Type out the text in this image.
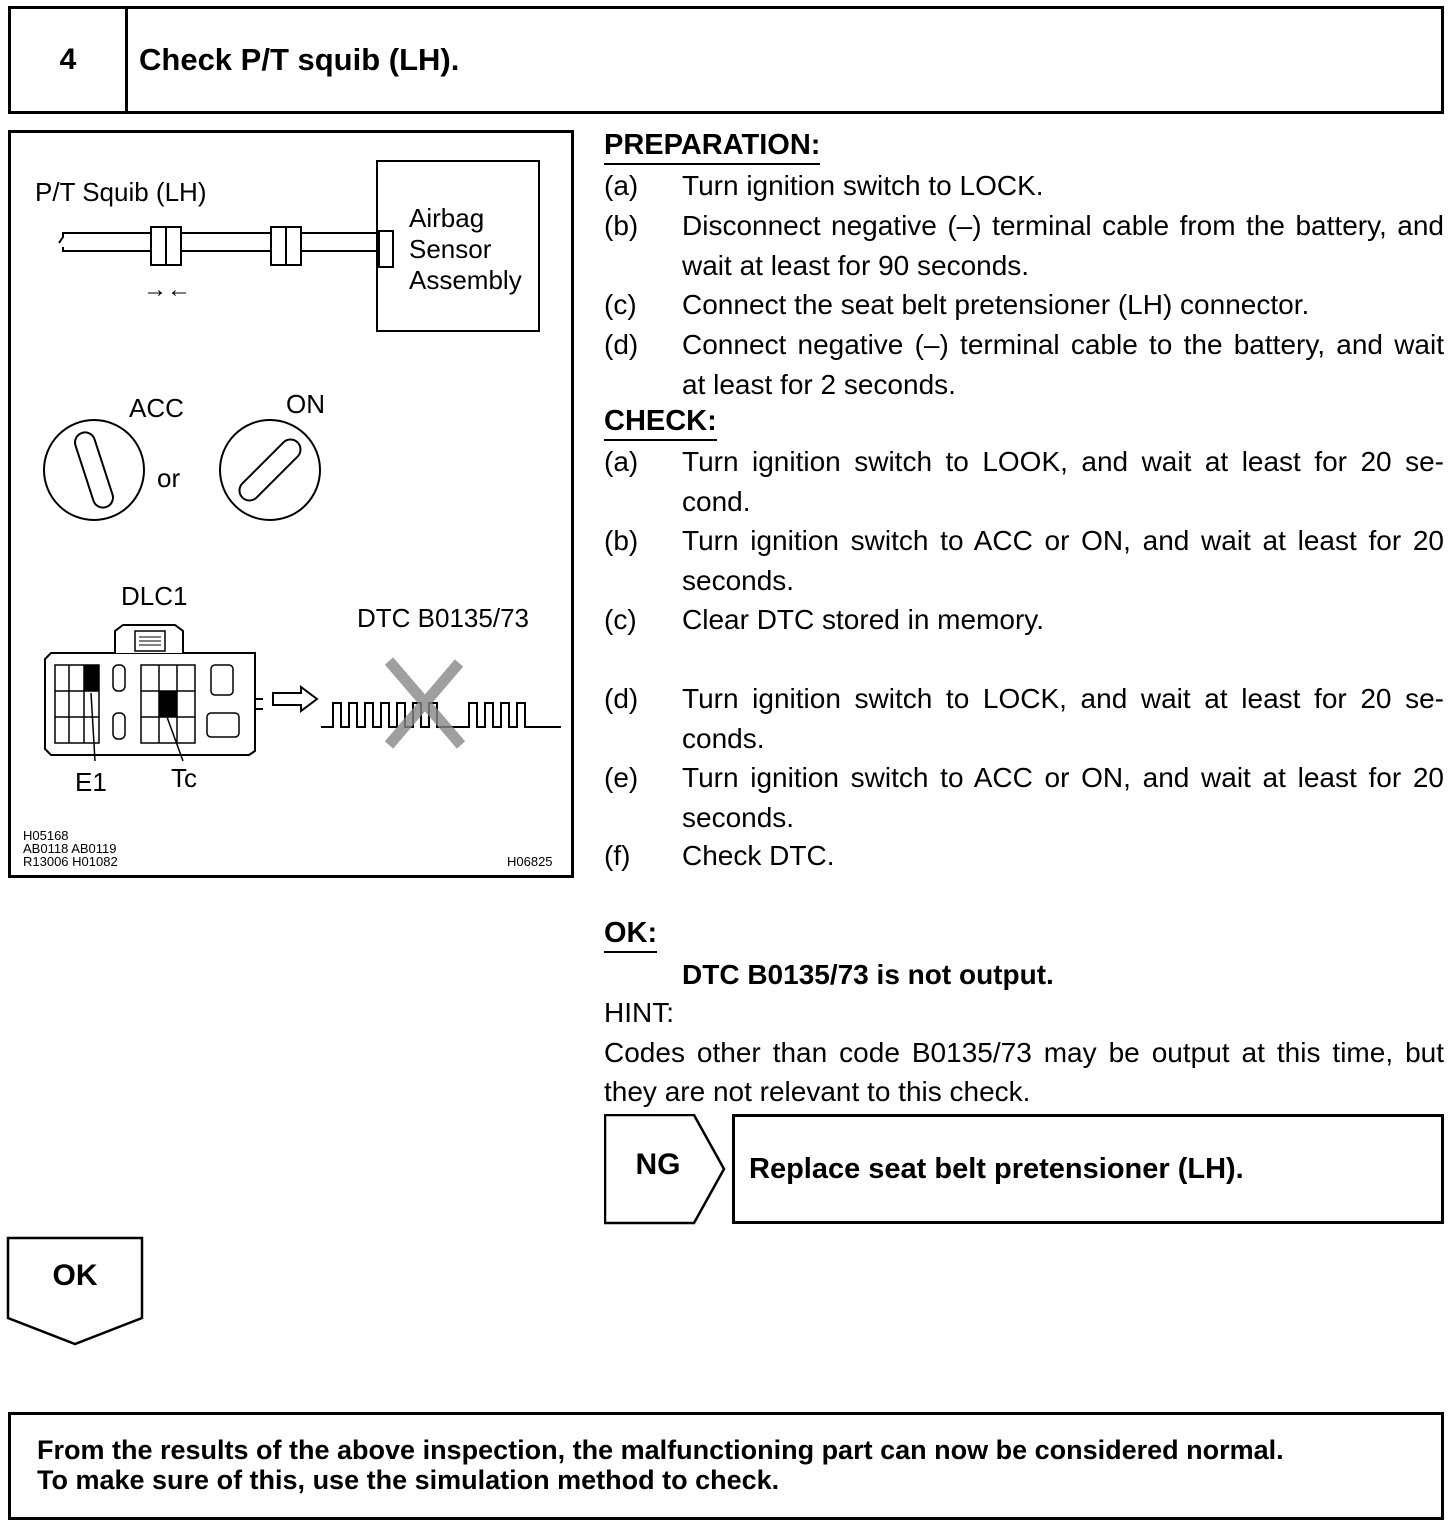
4	Check P/T squib (LH).
P/T Squib (LH)
Airbag
Sensor
Assembly
→←
ACC	ON
or
DLC1
DTC B0135/73
E1 Tc
H05168
AB0118 AB0119
R13006 H01082	H06825
PREPARATION:
(a) Turn ignition switch to LOCK.
(b) Disconnect negative (–) terminal cable from the battery, and wait at least for 90 seconds.
(c) Connect the seat belt pretensioner (LH) connector.
(d) Connect negative (–) terminal cable to the battery, and wait at least for 2 seconds.
CHECK:
(a) Turn ignition switch to LOOK, and wait at least for 20 se-cond.
(b) Turn ignition switch to ACC or ON, and wait at least for 20 seconds.
(c) Clear DTC stored in memory.
(d) Turn ignition switch to LOCK, and wait at least for 20 se-conds.
(e) Turn ignition switch to ACC or ON, and wait at least for 20 seconds.
(f) Check DTC.
OK:
DTC B0135/73 is not output.
HINT:
Codes other than code B0135/73 may be output at this time, but they are not relevant to this check.
NG	Replace seat belt pretensioner (LH).
OK
From the results of the above inspection, the malfunctioning part can now be considered normal.
To make sure of this, use the simulation method to check.
